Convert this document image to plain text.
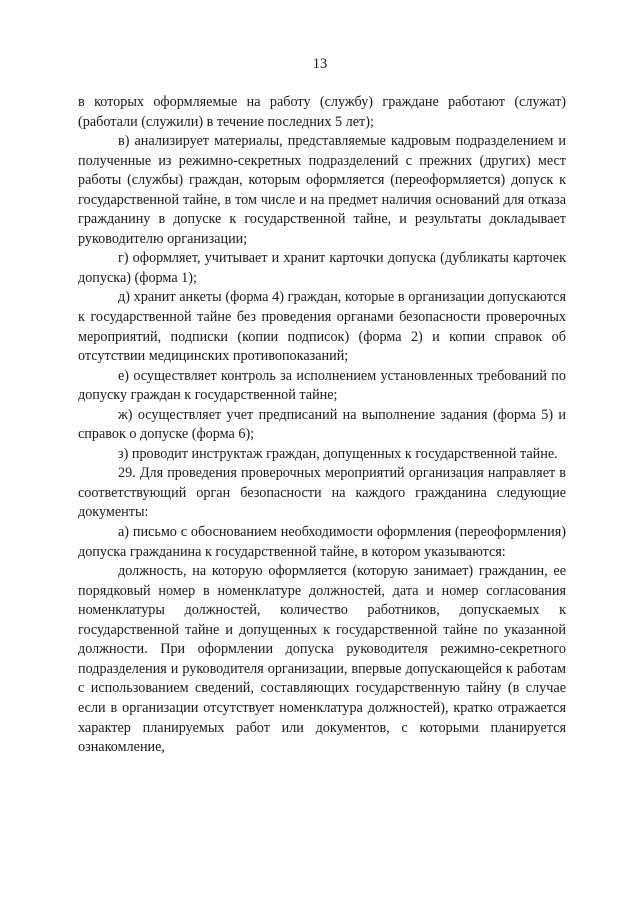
13

в которых оформляемые на работу (службу) граждане работают (служат) (работали (служили) в течение последних 5 лет);

в) анализирует материалы, представляемые кадровым подразделением и полученные из режимно-секретных подразделений с прежних (других) мест работы (службы) граждан, которым оформляется (переоформляется) допуск к государственной тайне, в том числе и на предмет наличия оснований для отказа гражданину в допуске к государственной тайне, и результаты докладывает руководителю организации;

г) оформляет, учитывает и хранит карточки допуска (дубликаты карточек допуска) (форма 1);

д) хранит анкеты (форма 4) граждан, которые в организации допускаются к государственной тайне без проведения органами безопасности проверочных мероприятий, подписки (копии подписок) (форма 2) и копии справок об отсутствии медицинских противопоказаний;

е) осуществляет контроль за исполнением установленных требований по допуску граждан к государственной тайне;

ж) осуществляет учет предписаний на выполнение задания (форма 5) и справок о допуске (форма 6);

з) проводит инструктаж граждан, допущенных к государственной тайне.

29. Для проведения проверочных мероприятий организация направляет в соответствующий орган безопасности на каждого гражданина следующие документы:

а) письмо с обоснованием необходимости оформления (переоформления) допуска гражданина к государственной тайне, в котором указываются:

должность, на которую оформляется (которую занимает) гражданин, ее порядковый номер в номенклатуре должностей, дата и номер согласования номенклатуры должностей, количество работников, допускаемых к государственной тайне и допущенных к государственной тайне по указанной должности. При оформлении допуска руководителя режимно-секретного подразделения и руководителя организации, впервые допускающейся к работам с использованием сведений, составляющих государственную тайну (в случае если в организации отсутствует номенклатура должностей), кратко отражается характер планируемых работ или документов, с которыми планируется ознакомление,
